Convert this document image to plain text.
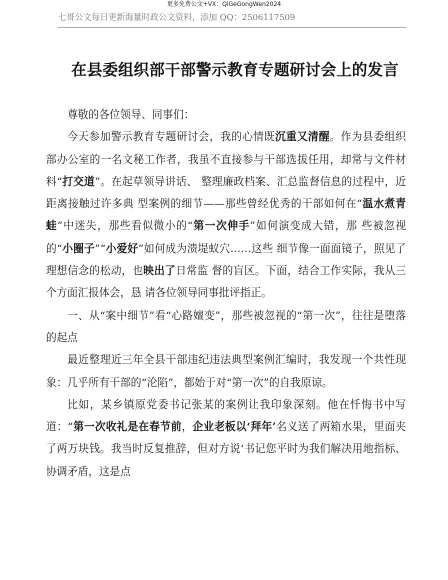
更多免费公文+VX：QiGeGongWen2024
七哥公文每日更新海量时政公文资料，添加 QQ：2506117509
在县委组织部干部警示教育专题研讨会上的发言

尊敬的各位领导、同事们：

今天参加警示教育专题研讨会，我的心情既沉重又清醒。作为县委组织部办公室的一名文秘工作者，我虽不直接参与干部选拔任用，却常与文件材料“打交道”。在起草领导讲话、 整理廉政档案、汇总监督信息的过程中，近距离接触过许多典 型案例的细节——那些曾经优秀的干部如何在“温水煮青蛙”中迷失，那些看似微小的“第一次伸手”如何演变成大错，那 些被忽视的“小圈子”“小爱好”如何成为溃堤蚁穴……这些 细节像一面面镜子，照见了理想信念的松动，也映出了日常监 督的盲区。下面，结合工作实际，我从三个方面汇报体会，恳 请各位领导同事批评指正。

一、从“案中细节”看“心路嬗变”，那些被忽视的“第一次”，往往是堕落的起点

最近整理近三年全县干部违纪违法典型案例汇编时，我发现一个共性现象：几乎所有干部的“沦陷”，都始于对“第一次”的自我原谅。

比如，某乡镇原党委书记张某的案例让我印象深刻。他在忏悔书中写道：“第一次收礼是在春节前，企业老板以‘拜年’名义送了两箱水果，里面夹了两万块钱。我当时反复推辞，但对方说‘书记您平时为我们解决用地指标、协调矛盾，这是点
